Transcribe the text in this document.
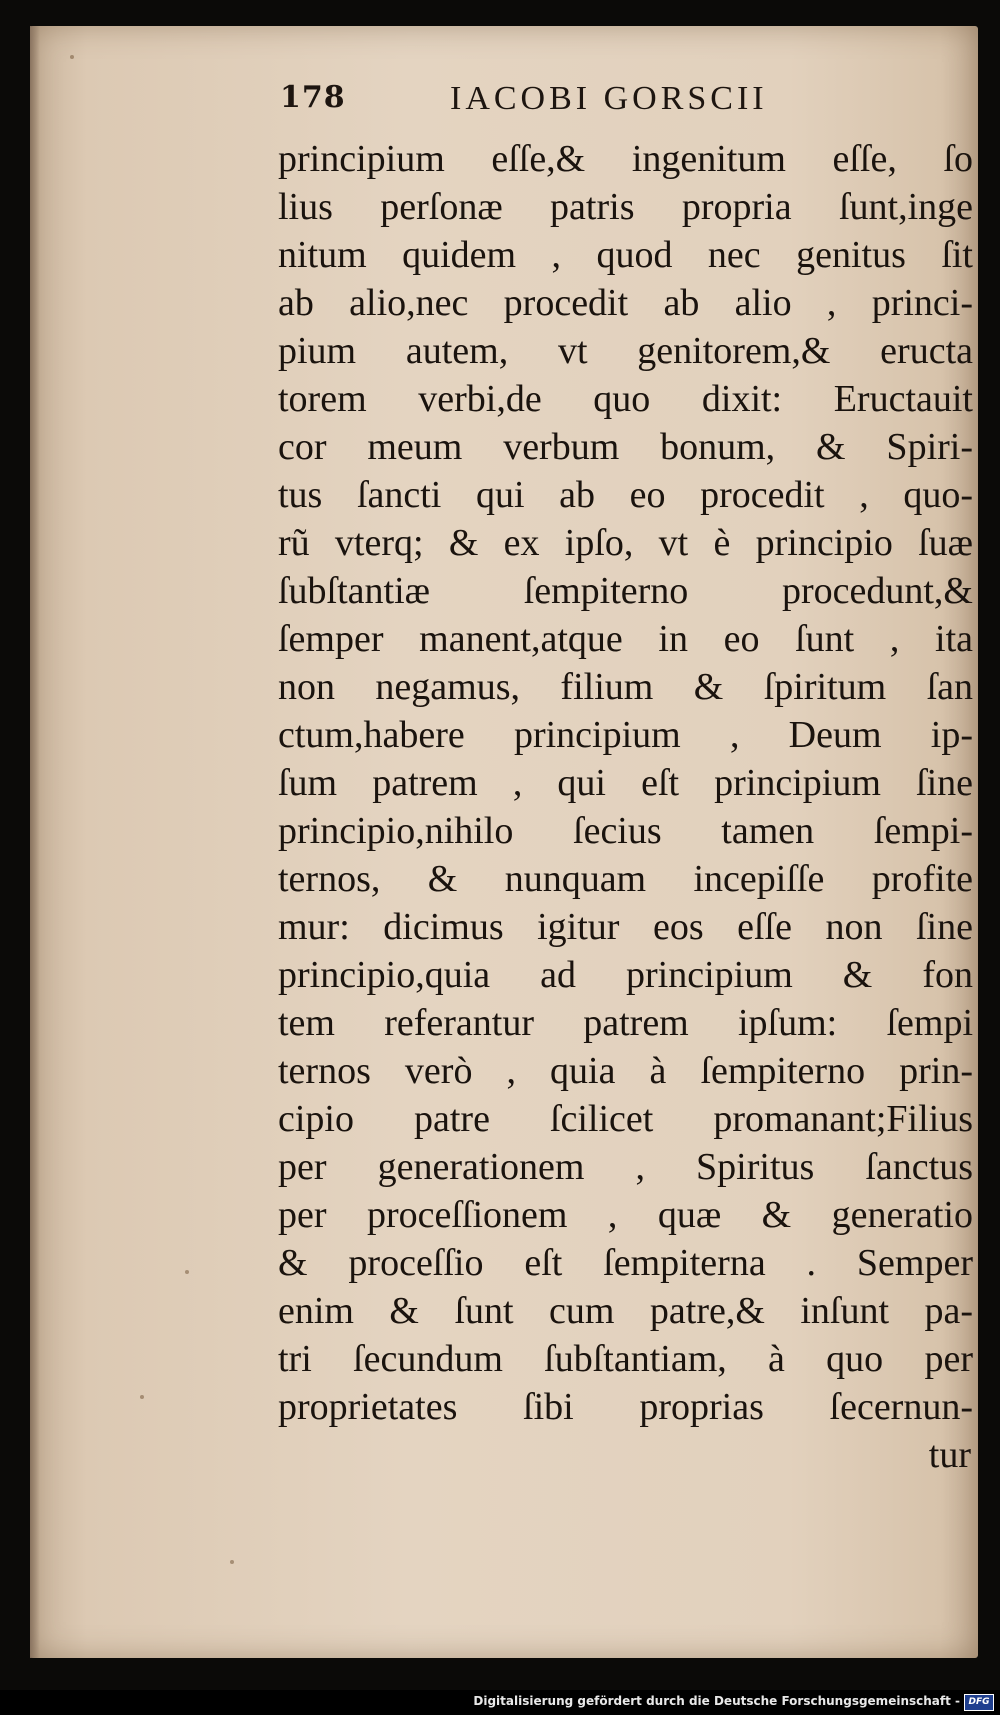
178	IACOBI GORSCII
principium eſſe,& ingenitum eſſe, ſo
lius perſonæ patris propria ſunt,inge
nitum quidem , quod nec genitus ſit
ab alio,nec procedit ab alio , princi-
pium autem, vt genitorem,& eructa
torem verbi,de quo dixit: Eructauit
cor meum verbum bonum, & Spiri-
tus ſancti qui ab eo procedit , quo-
rũ vterq; & ex ipſo, vt è principio ſuæ
ſubſtantiæ ſempiterno procedunt,&
ſemper manent,atque in eo ſunt , ita
non negamus, filium & ſpiritum ſan
ctum,habere principium , Deum ip-
ſum patrem , qui eſt principium ſine
principio,nihilo ſecius tamen ſempi-
ternos, & nunquam incepiſſe profite
mur: dicimus igitur eos eſſe non ſine
principio,quia ad principium & fon
tem referantur patrem ipſum: ſempi
ternos verò , quia à ſempiterno prin-
cipio patre ſcilicet promanant;Filius
per generationem , Spiritus ſanctus
per proceſſionem , quæ & generatio
& proceſſio eſt ſempiterna . Semper
enim & ſunt cum patre,& inſunt pa-
tri ſecundum ſubſtantiam, à quo per
proprietates ſibi proprias ſecernun-
tur
Digitalisierung gefördert durch die Deutsche Forschungsgemeinschaft - DFG
